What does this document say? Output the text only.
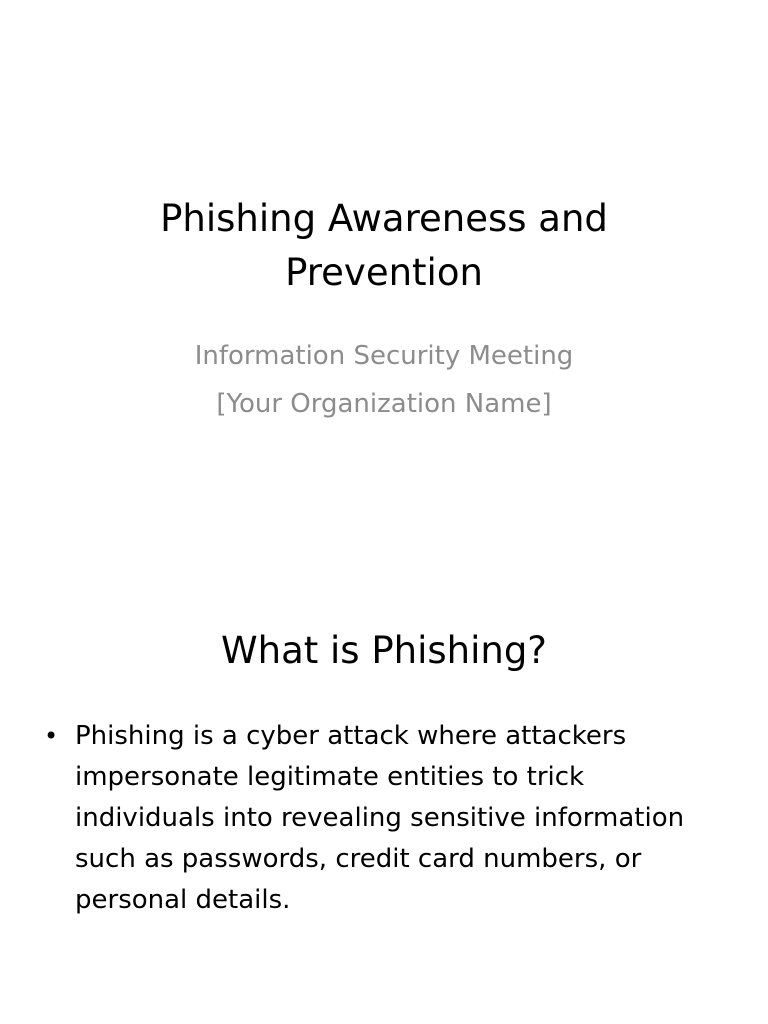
Phishing Awareness and Prevention
Information Security Meeting
[Your Organization Name]
What is Phishing?
• Phishing is a cyber attack where attackers impersonate legitimate entities to trick individuals into revealing sensitive information such as passwords, credit card numbers, or personal details.
